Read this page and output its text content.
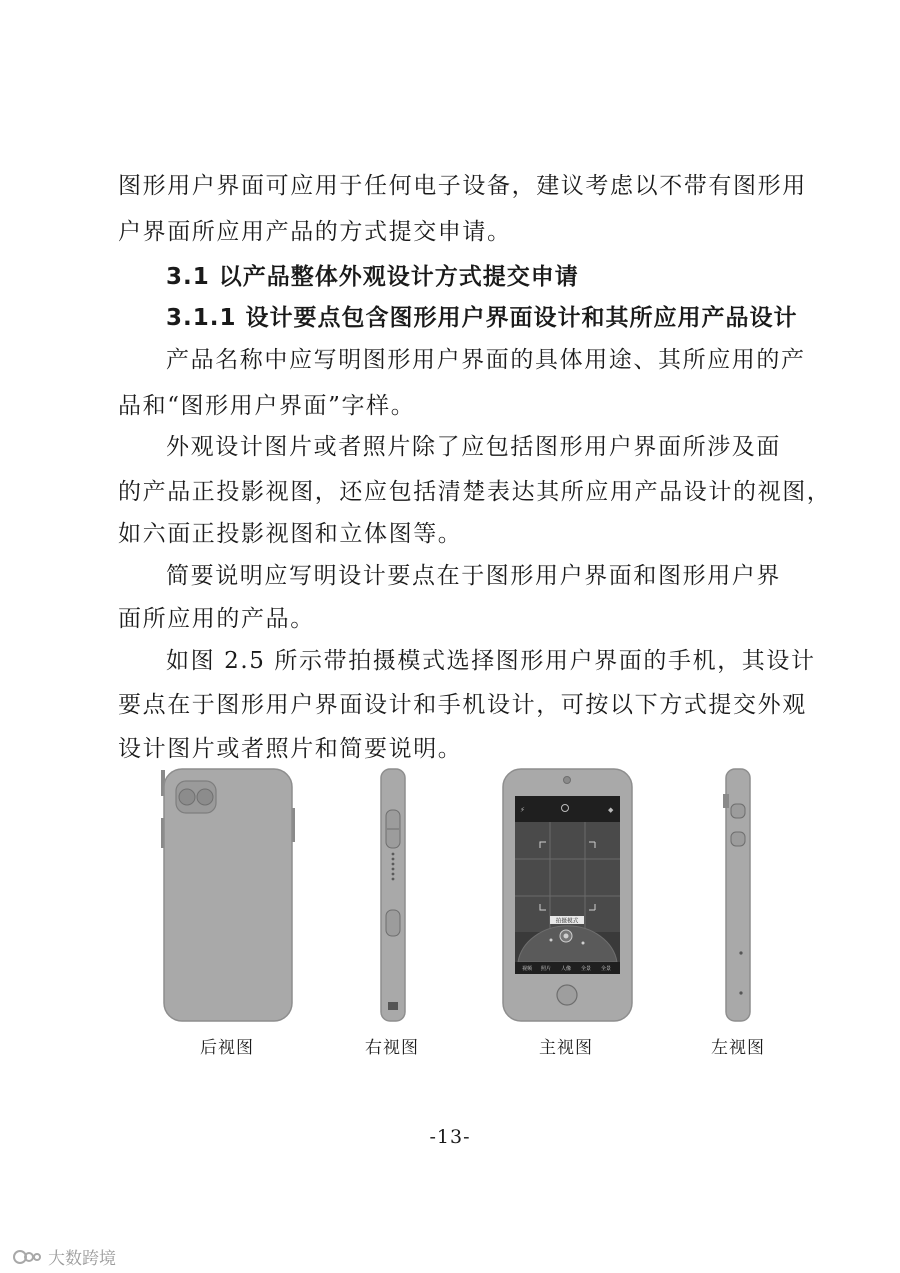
图形用户界面可应用于任何电子设备，建议考虑以不带有图形用
户界面所应用产品的方式提交申请。
3.1 以产品整体外观设计方式提交申请
3.1.1 设计要点包含图形用户界面设计和其所应用产品设计
产品名称中应写明图形用户界面的具体用途、其所应用的产
品和“图形用户界面”字样。
外观设计图片或者照片除了应包括图形用户界面所涉及面
的产品正投影视图，还应包括清楚表达其所应用产品设计的视图，
如六面正投影视图和立体图等。
简要说明应写明设计要点在于图形用户界面和图形用户界
面所应用的产品。
如图 2.5 所示带拍摄模式选择图形用户界面的手机，其设计
要点在于图形用户界面设计和手机设计，可按以下方式提交外观
设计图片或者照片和简要说明。
⚡	◆
拍摄模式
视频 照片 人像 全景 全景
后视图	右视图	主视图	左视图
-13-
大数跨境
